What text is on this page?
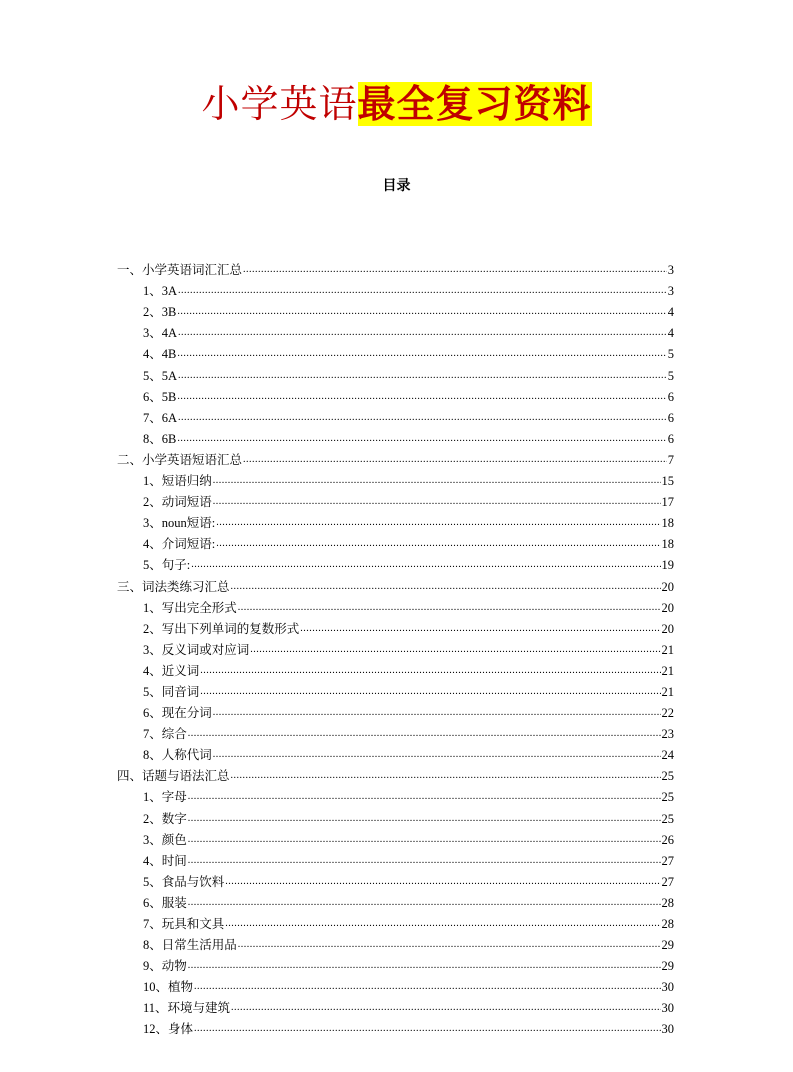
小学英语最全复习资料
目录
一、小学英语词汇汇总 .....	3
1、3A .....	3
2、3B .....	4
3、4A .....	4
4、4B .....	5
5、5A .....	5
6、5B .....	6
7、6A .....	6
8、6B .....	6
二、小学英语短语汇总 .....	7
1、短语归纳 .....	15
2、动词短语 .....	17
3、noun短语: .....	18
4、介词短语: .....	18
5、句子: .....	19
三、词法类练习汇总 .....	20
1、写出完全形式 .....	20
2、写出下列单词的复数形式 .....	20
3、反义词或对应词 .....	21
4、近义词 .....	21
5、同音词 .....	21
6、现在分词 .....	22
7、综合 .....	23
8、人称代词 .....	24
四、话题与语法汇总 .....	25
1、字母 .....	25
2、数字 .....	25
3、颜色 .....	26
4、时间 .....	27
5、食品与饮料 .....	27
6、服装 .....	28
7、玩具和文具 .....	28
8、日常生活用品 .....	29
9、动物 .....	29
10、植物 .....	30
11、环境与建筑 .....	30
12、身体 .....	30
